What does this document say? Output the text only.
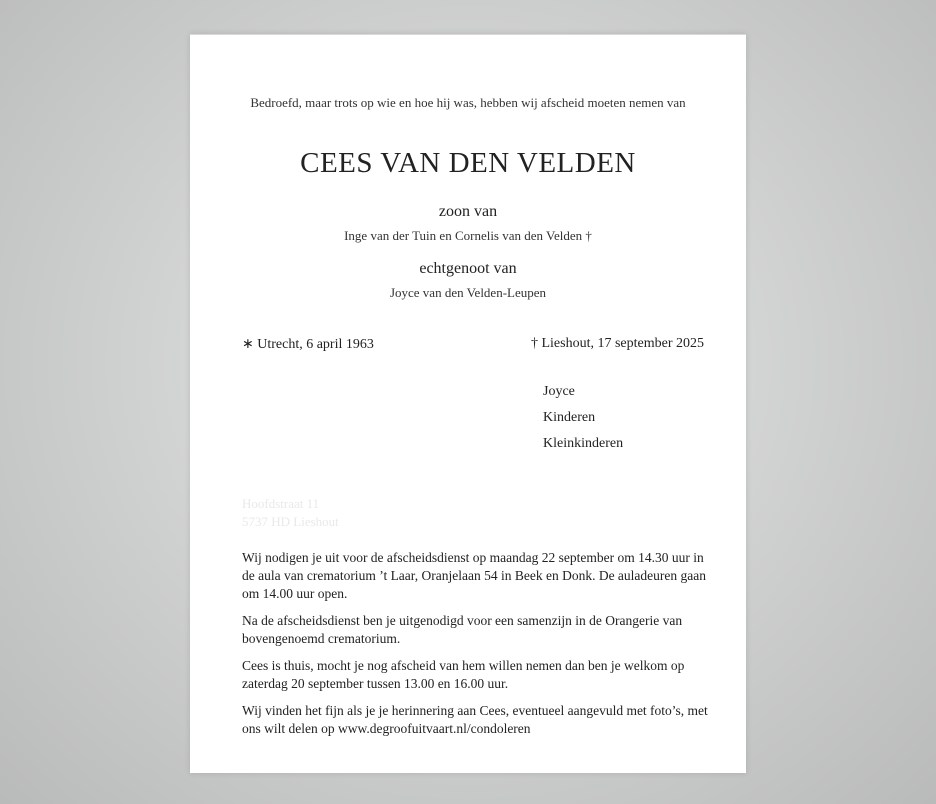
Bedroefd, maar trots op wie en hoe hij was, hebben wij afscheid moeten nemen van
CEES VAN DEN VELDEN
zoon van
Inge van der Tuin en Cornelis van den Velden †
echtgenoot van
Joyce van den Velden-Leupen
∗ Utrecht, 6 april 1963	† Lieshout, 17 september 2025
Joyce
Kinderen
Kleinkinderen
Hoofdstraat 11
5737 HD Lieshout

Wij nodigen je uit voor de afscheidsdienst op maandag 22 september om 14.30 uur in de aula van crematorium ’t Laar, Oranjelaan 54 in Beek en Donk. De auladeuren gaan om 14.00 uur open.

Na de afscheidsdienst ben je uitgenodigd voor een samenzijn in de Orangerie van bovengenoemd crematorium.

Cees is thuis, mocht je nog afscheid van hem willen nemen dan ben je welkom op zaterdag 20 september tussen 13.00 en 16.00 uur.

Wij vinden het fijn als je je herinnering aan Cees, eventueel aangevuld met foto’s, met ons wilt delen op www.degroofuitvaart.nl/condoleren
